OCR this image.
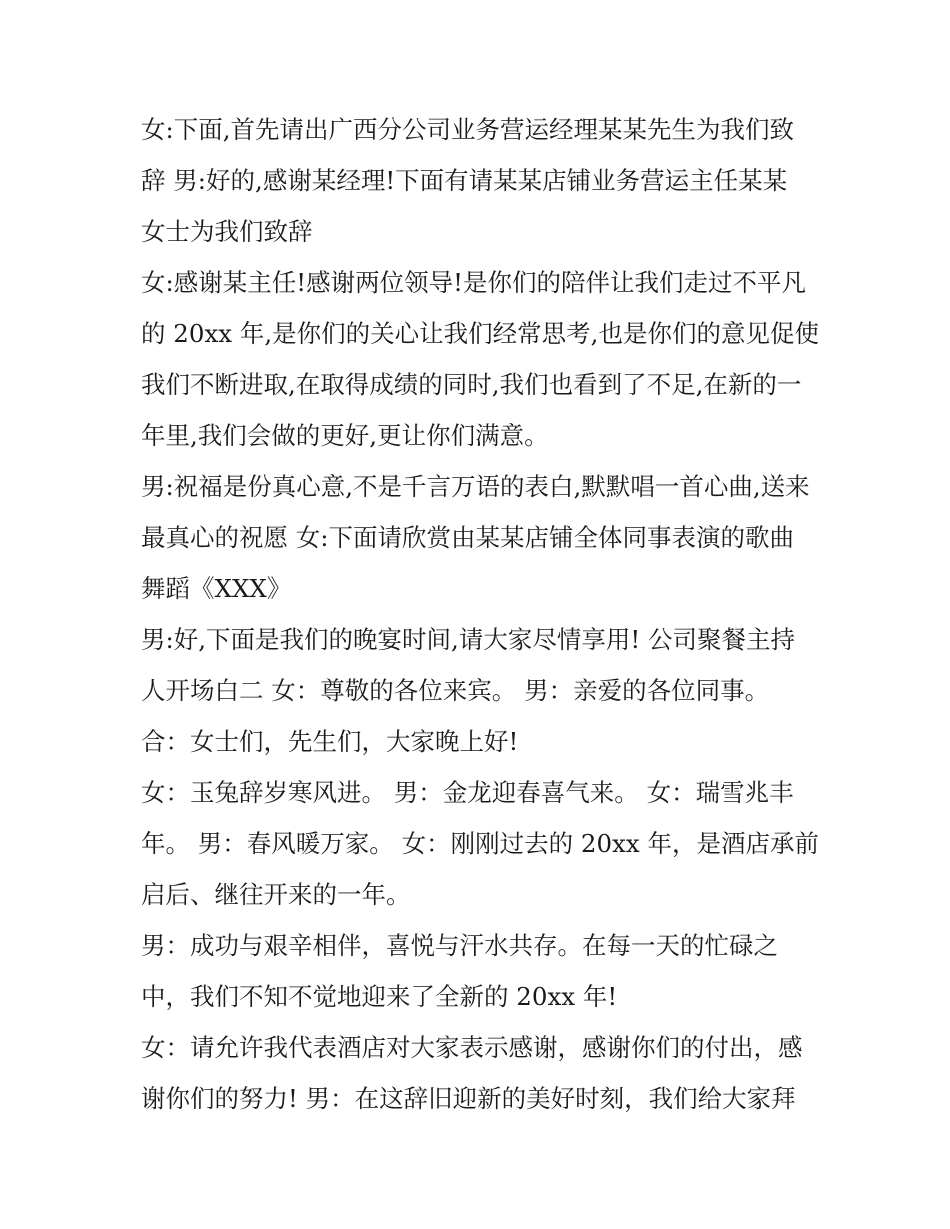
女:下面,首先请出广西分公司业务营运经理某某先生为我们致
辞 男:好的,感谢某经理!下面有请某某店铺业务营运主任某某
女士为我们致辞
女:感谢某主任!感谢两位领导!是你们的陪伴让我们走过不平凡
的 20xx 年,是你们的关心让我们经常思考,也是你们的意见促使
我们不断进取,在取得成绩的同时,我们也看到了不足,在新的一
年里,我们会做的更好,更让你们满意。
男:祝福是份真心意,不是千言万语的表白,默默唱一首心曲,送来
最真心的祝愿 女:下面请欣赏由某某店铺全体同事表演的歌曲
舞蹈《XXX》
男:好,下面是我们的晚宴时间,请大家尽情享用! 公司聚餐主持
人开场白二 女：尊敬的各位来宾。 男：亲爱的各位同事。
合：女士们，先生们，大家晚上好!
女：玉兔辞岁寒风进。 男：金龙迎春喜气来。 女：瑞雪兆丰
年。 男：春风暖万家。 女：刚刚过去的 20xx 年，是酒店承前
启后、继往开来的一年。
男：成功与艰辛相伴，喜悦与汗水共存。在每一天的忙碌之
中，我们不知不觉地迎来了全新的 20xx 年!
女：请允许我代表酒店对大家表示感谢，感谢你们的付出，感
谢你们的努力! 男：在这辞旧迎新的美好时刻，我们给大家拜
